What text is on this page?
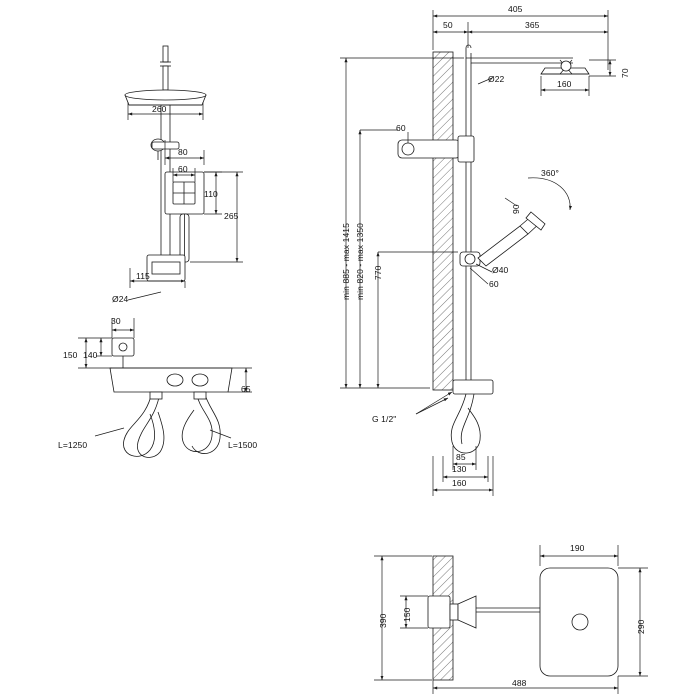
260
80
60
110
265
115
Ø24
30
150 140
65
L=1250	L=1500
405
50	365
Ø22
70
160
60
min 885 - max 1415 min 820 - max 1350 770
360°
90
Ø40
60
G 1/2"
85
130
160
190
390 150
290
488
